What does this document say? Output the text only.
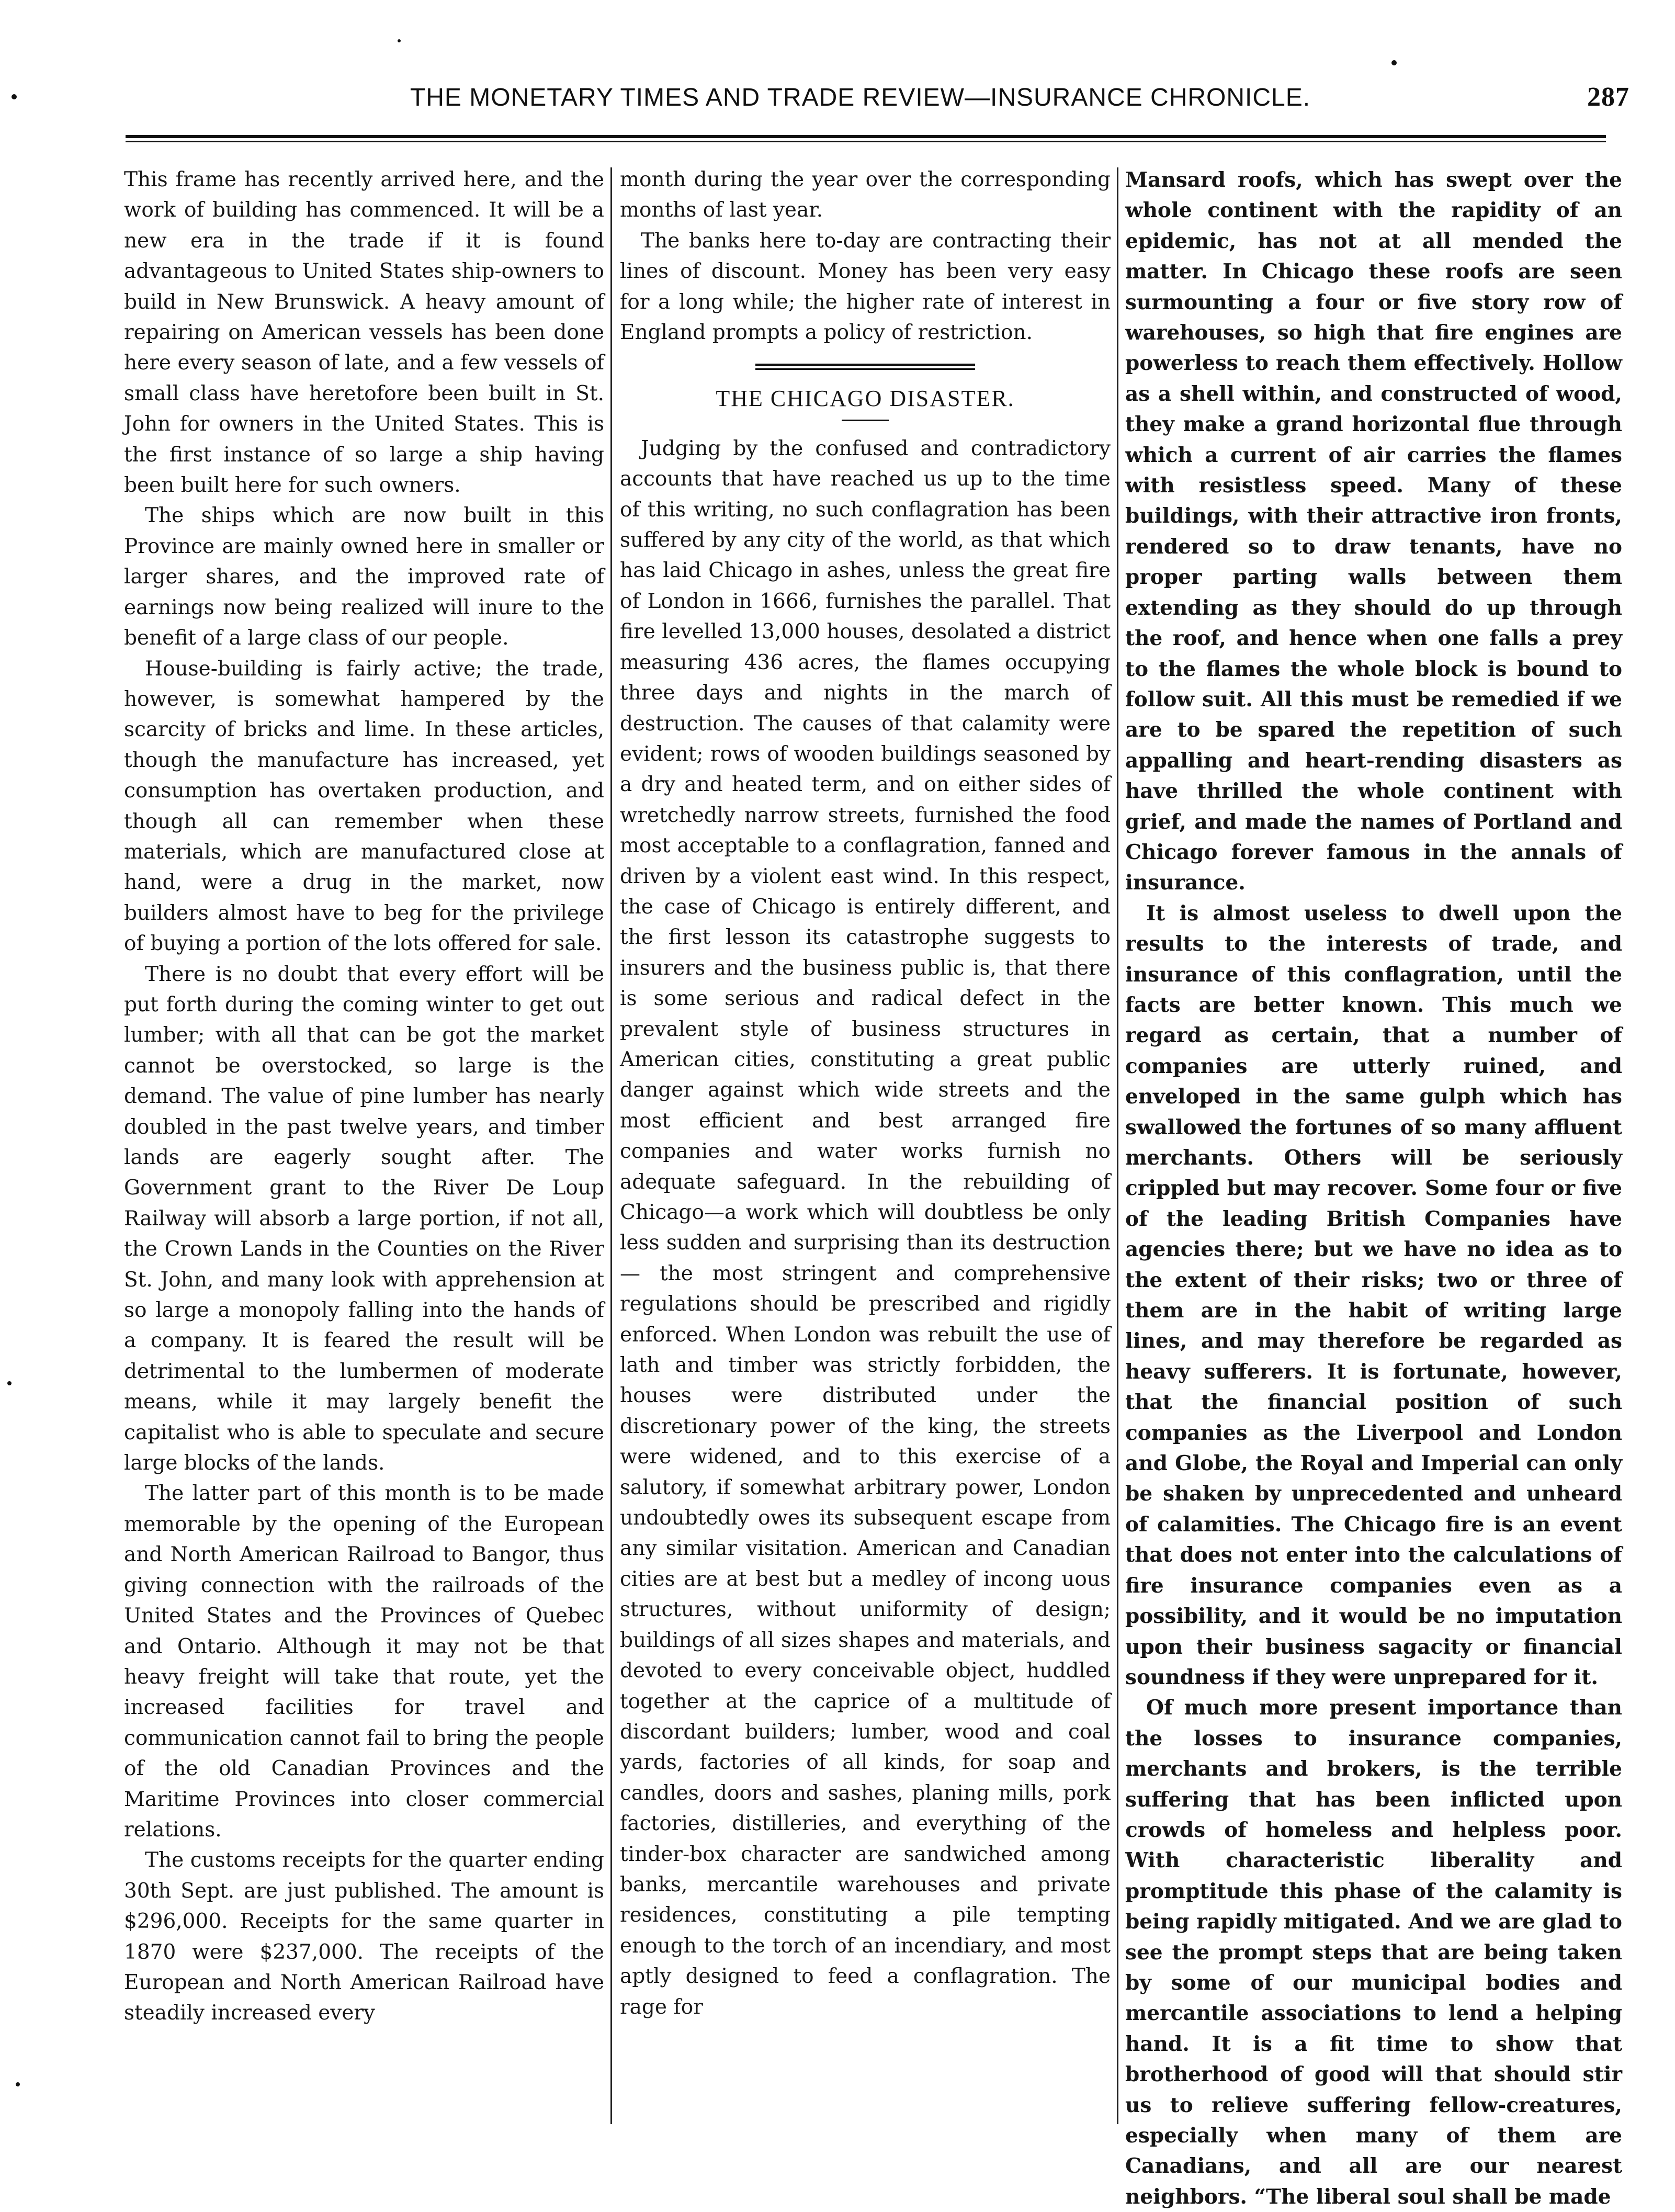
THE MONETARY TIMES AND TRADE REVIEW—INSURANCE CHRONICLE.	287

This frame has recently arrived here, and the work of building has commenced. It will be a new era in the trade if it is found advantageous to United States ship-owners to build in New Brunswick. A heavy amount of repairing on American vessels has been done here every season of late, and a few vessels of small class have heretofore been built in St. John for owners in the United States. This is the first instance of so large a ship having been built here for such owners.

The ships which are now built in this Province are mainly owned here in smaller or larger shares, and the improved rate of earnings now being realized will inure to the benefit of a large class of our people.

House-building is fairly active; the trade, however, is somewhat hampered by the scarcity of bricks and lime. In these articles, though the manufacture has increased, yet consumption has overtaken production, and though all can remember when these materials, which are manufactured close at hand, were a drug in the market, now builders almost have to beg for the privilege of buying a portion of the lots offered for sale.

There is no doubt that every effort will be put forth during the coming winter to get out lumber; with all that can be got the market cannot be overstocked, so large is the demand. The value of pine lumber has nearly doubled in the past twelve years, and timber lands are eagerly sought after. The Government grant to the River De Loup Railway will absorb a large portion, if not all, the Crown Lands in the Counties on the River St. John, and many look with apprehension at so large a monopoly falling into the hands of a company. It is feared the result will be detrimental to the lumbermen of moderate means, while it may largely benefit the capitalist who is able to speculate and secure large blocks of the lands.

The latter part of this month is to be made memorable by the opening of the European and North American Railroad to Bangor, thus giving connection with the railroads of the United States and the Provinces of Quebec and Ontario. Although it may not be that heavy freight will take that route, yet the increased facilities for travel and communication cannot fail to bring the people of the old Canadian Provinces and the Maritime Provinces into closer commercial relations.

The customs receipts for the quarter ending 30th Sept. are just published. The amount is $296,000. Receipts for the same quarter in 1870 were $237,000. The receipts of the European and North American Railroad have steadily increased every

month during the year over the corresponding months of last year.

The banks here to-day are contracting their lines of discount. Money has been very easy for a long while; the higher rate of interest in England prompts a policy of restriction.

THE CHICAGO DISASTER.

Judging by the confused and contradictory accounts that have reached us up to the time of this writing, no such conflagration has been suffered by any city of the world, as that which has laid Chicago in ashes, unless the great fire of London in 1666, furnishes the parallel. That fire levelled 13,000 houses, desolated a district measuring 436 acres, the flames occupying three days and nights in the march of destruction. The causes of that calamity were evident; rows of wooden buildings seasoned by a dry and heated term, and on either sides of wretchedly narrow streets, furnished the food most acceptable to a conflagration, fanned and driven by a violent east wind. In this respect, the case of Chicago is entirely different, and the first lesson its catastrophe suggests to insurers and the business public is, that there is some serious and radical defect in the prevalent style of business structures in American cities, constituting a great public danger against which wide streets and the most efficient and best arranged fire companies and water works furnish no adequate safeguard. In the rebuilding of Chicago—a work which will doubtless be only less sudden and surprising than its destruction — the most stringent and comprehensive regulations should be prescribed and rigidly enforced. When London was rebuilt the use of lath and timber was strictly forbidden, the houses were distributed under the discretionary power of the king, the streets were widened, and to this exercise of a salutory, if somewhat arbitrary power, London undoubtedly owes its subsequent escape from any similar visitation. American and Canadian cities are at best but a medley of incong uous structures, without uniformity of design; buildings of all sizes shapes and materials, and devoted to every conceivable object, huddled together at the caprice of a multitude of discordant builders; lumber, wood and coal yards, factories of all kinds, for soap and candles, doors and sashes, planing mills, pork factories, distilleries, and everything of the tinder-box character are sandwiched among banks, mercantile warehouses and private residences, constituting a pile tempting enough to the torch of an incendiary, and most aptly designed to feed a conflagration. The rage for

Mansard roofs, which has swept over the whole continent with the rapidity of an epidemic, has not at all mended the matter. In Chicago these roofs are seen surmounting a four or five story row of warehouses, so high that fire engines are powerless to reach them effectively. Hollow as a shell within, and constructed of wood, they make a grand horizontal flue through which a current of air carries the flames with resistless speed. Many of these buildings, with their attractive iron fronts, rendered so to draw tenants, have no proper parting walls between them extending as they should do up through the roof, and hence when one falls a prey to the flames the whole block is bound to follow suit. All this must be remedied if we are to be spared the repetition of such appalling and heart-rending disasters as have thrilled the whole continent with grief, and made the names of Portland and Chicago forever famous in the annals of insurance.

It is almost useless to dwell upon the results to the interests of trade, and insurance of this conflagration, until the facts are better known. This much we regard as certain, that a number of companies are utterly ruined, and enveloped in the same gulph which has swallowed the fortunes of so many affluent merchants. Others will be seriously crippled but may recover. Some four or five of the leading British Companies have agencies there; but we have no idea as to the extent of their risks; two or three of them are in the habit of writing large lines, and may therefore be regarded as heavy sufferers. It is fortunate, however, that the financial position of such companies as the Liverpool and London and Globe, the Royal and Imperial can only be shaken by unprecedented and unheard of calamities. The Chicago fire is an event that does not enter into the calculations of fire insurance companies even as a possibility, and it would be no imputation upon their business sagacity or financial soundness if they were unprepared for it.

Of much more present importance than the losses to insurance companies, merchants and brokers, is the terrible suffering that has been inflicted upon crowds of homeless and helpless poor. With characteristic liberality and promptitude this phase of the calamity is being rapidly mitigated. And we are glad to see the prompt steps that are being taken by some of our municipal bodies and mercantile associations to lend a helping hand. It is a fit time to show that brotherhood of good will that should stir us to relieve suffering fellow-creatures, especially when many of them are Canadians, and all are our nearest neighbors. “The liberal soul shall be made
